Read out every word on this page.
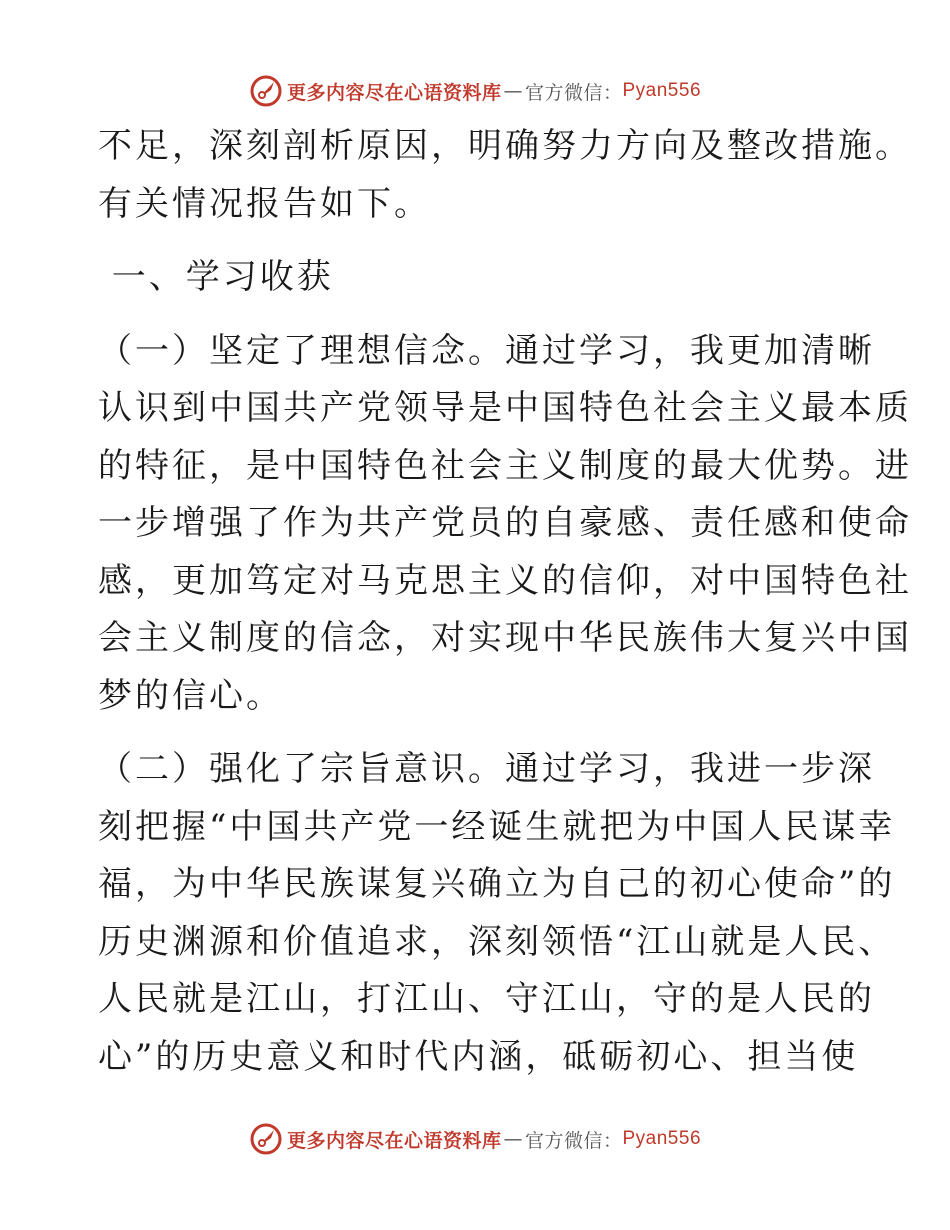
更多内容尽在心语资料库 — 官方微信： Pyan556
不足，深刻剖析原因，明确努力方向及整改措施。
有关情况报告如下。
一、学习收获
（一）坚定了理想信念。通过学习，我更加清晰
认识到中国共产党领导是中国特色社会主义最本质
的特征，是中国特色社会主义制度的最大优势。进
一步增强了作为共产党员的自豪感、责任感和使命
感，更加笃定对马克思主义的信仰，对中国特色社
会主义制度的信念，对实现中华民族伟大复兴中国
梦的信心。
（二）强化了宗旨意识。通过学习，我进一步深
刻把握“中国共产党一经诞生就把为中国人民谋幸
福，为中华民族谋复兴确立为自己的初心使命”的
历史渊源和价值追求，深刻领悟“江山就是人民、
人民就是江山，打江山、守江山，守的是人民的
心”的历史意义和时代内涵，砥砺初心、担当使
更多内容尽在心语资料库 — 官方微信： Pyan556
